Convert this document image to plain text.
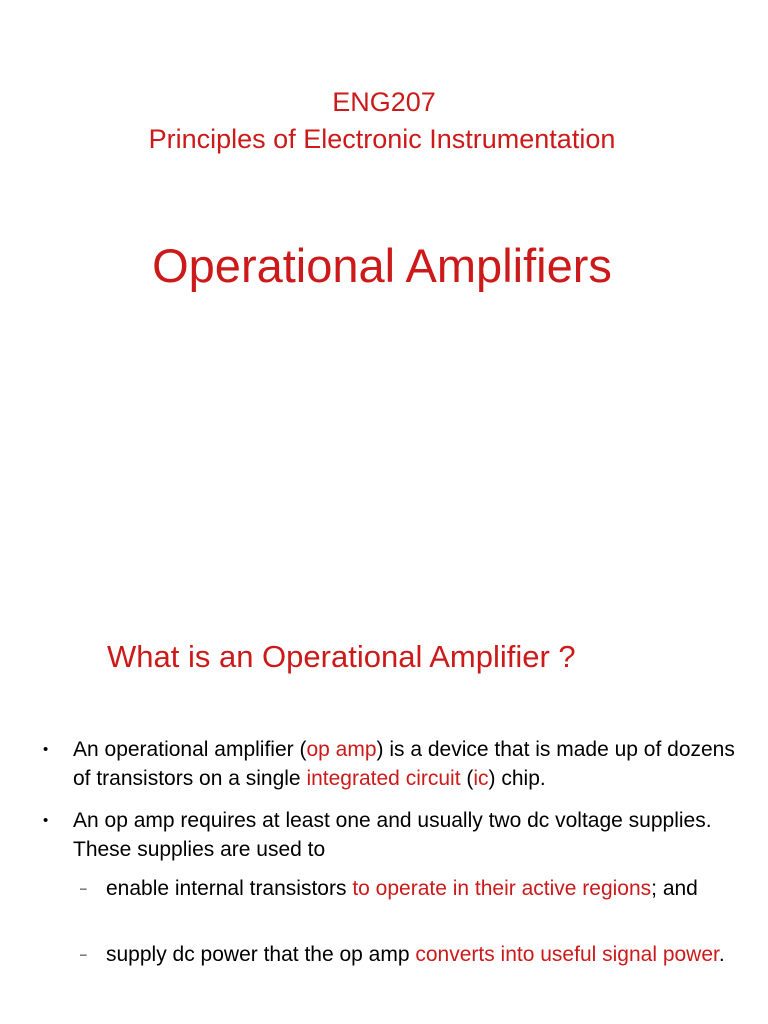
ENG207
Principles of Electronic Instrumentation
Operational Amplifiers
What is an Operational Amplifier ?
• An operational amplifier (op amp) is a device that is made up of dozens of transistors on a single integrated circuit (ic) chip.
• An op amp requires at least one and usually two dc voltage supplies. These supplies are used to
– enable internal transistors to operate in their active regions; and
– supply dc power that the op amp converts into useful signal power.
